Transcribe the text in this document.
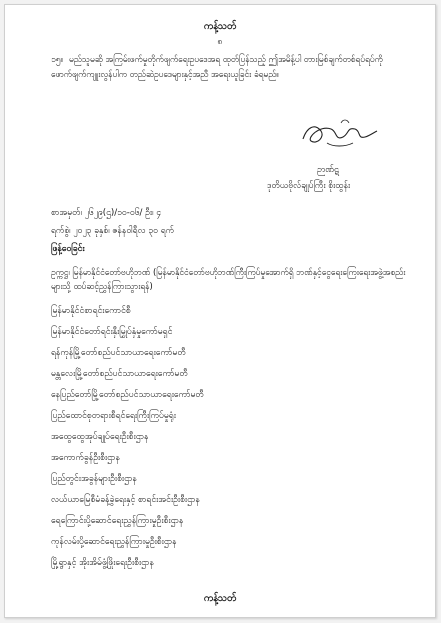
ကန့်သတ်
၈
၁၅။ မည်သူမဆို အကြမ်းဖက်မှုတိုက်ဖျက်ရေးဥပဒေအရ ထုတ်ပြန်သည့် ဤအမိန့်ပါ တားမြစ်ချက်တစ်ရပ်ရပ်ကို ဖောက်ဖျက်ကျူးလွန်ပါက တည်ဆဲဥပဒေများနှင့်အညီ အရေးယူခြင်း ခံရမည်။
ဉာဏ်ဋ
ဒုတိယဗိုလ်ချုပ်ကြီး စိုးထွန်း
စာအမှတ်၊ ၂၆၂၉(ဌ)/၁၀-၀၆/ ဦး၊ ၄
ရက်စွဲ၊ ၂၀၂၃ ခုနှစ်၊ ဇန်နဝါရီလ ၃၀ ရက်
ဖြန့်ဝေခြင်း
ဥက္ကဋ္ဌ၊ မြန်မာနိုင်ငံတော်ဗဟိုဘဏ် (မြန်မာနိုင်ငံတော်ဗဟိုဘဏ်ကြီးကြပ်မှုအောက်ရှိ ဘဏ်နှင့်ငွေရေးကြေးရေးအဖွဲ့အစည်းများသို့ ထပ်ဆင့်ညွှန်ကြားသွားရန်)
မြန်မာနိုင်ငံစာရင်းကောင်စီ
မြန်မာနိုင်ငံတော်ရင်းနှီးမြှုပ်နှံမှုကော်မရှင်
ရန်ကုန်မြို့တော်စည်ပင်သာယာရေးကော်မတီ
မန္တလေးမြို့တော်စည်ပင်သာယာရေးကော်မတီ
နေပြည်တော်မြို့တော်စည်ပင်သာယာရေးကော်မတီ
ပြည်ထောင်စုတရားစီရင်ရေးကြီးကြပ်မှုရုံး
အထွေထွေအုပ်ချုပ်ရေးဦးစီးဌာန
အကောက်ခွန်ဦးစီးဌာန
ပြည်တွင်းအခွန်များဦးစီးဌာန
လယ်ယာမြေစီမံခန့်ခွဲရေးနှင့် စာရင်းအင်းဦးစီးဌာန
ရေကြောင်းပို့ဆောင်ရေးညွှန်ကြားမှုဦးစီးဌာန
ကုန်လမ်းပို့ဆောင်ရေးညွှန်ကြားမှုဦးစီးဌာန
မြို့ရွာနှင့် အိုးအိမ်ဖွံ့ဖြိုးရေးဦးစီးဌာန
ကန့်သတ်
